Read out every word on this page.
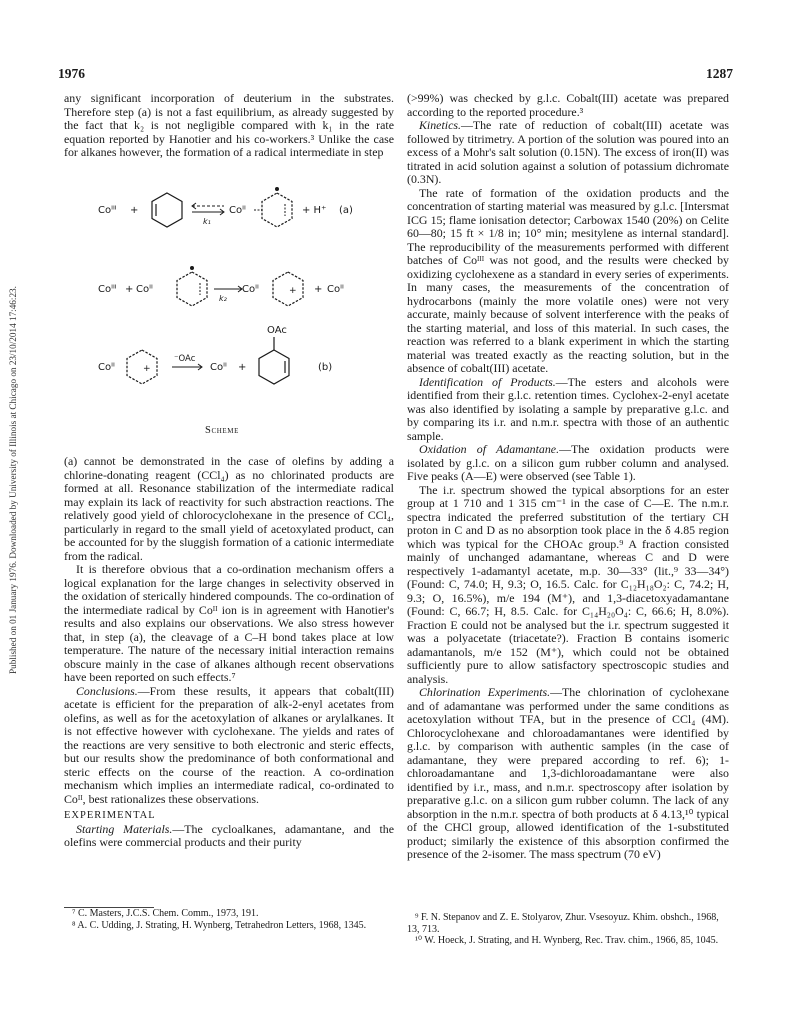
1976	1287
Published on 01 January 1976. Downloaded by University of Illinois at Chicago on 23/10/2014 17:46:23.

any significant incorporation of deuterium in the substrates. Therefore step (a) is not a fast equilibrium, as already suggested by the fact that k₂ is not negligible compared with k₁ in the rate equation reported by Hanotier and his co-workers.³ Unlike the case for alkanes however, the formation of a radical intermediate in step

Coᴵᴵᴵ +
k₁
Coᴵᴵ	+ H⁺ (a)
Coᴵᴵᴵ + Coᴵᴵ
k₂
Coᴵᴵ	+ + Coᴵᴵ
Coᴵᴵ	+
⁻OAc
Coᴵᴵ +
OAc
(b)
Scheme

(a) cannot be demonstrated in the case of olefins by adding a chlorine-donating reagent (CCl₄) as no chlorinated products are formed at all. Resonance stabilization of the intermediate radical may explain its lack of reactivity for such abstraction reactions. The relatively good yield of chlorocyclohexane in the presence of CCl₄, particularly in regard to the small yield of acetoxylated product, can be accounted for by the sluggish formation of a cationic intermediate from the radical.

It is therefore obvious that a co-ordination mechanism offers a logical explanation for the large changes in selectivity observed in the oxidation of sterically hindered compounds. The co-ordination of the intermediate radical by Coᴵᴵ ion is in agreement with Hanotier's results and also explains our observations. We also stress however that, in step (a), the cleavage of a C–H bond takes place at low temperature. The nature of the necessary initial interaction remains obscure mainly in the case of alkanes although recent observations have been reported on such effects.⁷

Conclusions.—From these results, it appears that cobalt(III) acetate is efficient for the preparation of alk-2-enyl acetates from olefins, as well as for the acetoxylation of alkanes or arylalkanes. It is not effective however with cyclohexane. The yields and rates of the reactions are very sensitive to both electronic and steric effects, but our results show the predominance of both conformational and steric effects on the course of the reaction. A co-ordination mechanism which implies an intermediate radical, co-ordinated to Coᴵᴵ, best rationalizes these observations.

EXPERIMENTAL

Starting Materials.—The cycloalkanes, adamantane, and the olefins were commercial products and their purity

⁷ C. Masters, J.C.S. Chem. Comm., 1973, 191.

⁸ A. C. Udding, J. Strating, H. Wynberg, Tetrahedron Letters, 1968, 1345.

(>99%) was checked by g.l.c. Cobalt(III) acetate was prepared according to the reported procedure.³

Kinetics.—The rate of reduction of cobalt(III) acetate was followed by titrimetry. A portion of the solution was poured into an excess of a Mohr's salt solution (0.15N). The excess of iron(II) was titrated in acid solution against a solution of potassium dichromate (0.3N).

The rate of formation of the oxidation products and the concentration of starting material was measured by g.l.c. [Intersmat ICG 15; flame ionisation detector; Carbowax 1540 (20%) on Celite 60—80; 15 ft × 1/8 in; 10° min; mesitylene as internal standard]. The reproducibility of the measurements performed with different batches of Coᴵᴵᴵ was not good, and the results were checked by oxidizing cyclohexene as a standard in every series of experiments. In many cases, the measurements of the concentration of hydrocarbons (mainly the more volatile ones) were not very accurate, mainly because of solvent interference with the peaks of the starting material, and loss of this material. In such cases, the reaction was referred to a blank experiment in which the starting material was treated exactly as the reacting solution, but in the absence of cobalt(III) acetate.

Identification of Products.—The esters and alcohols were identified from their g.l.c. retention times. Cyclohex-2-enyl acetate was also identified by isolating a sample by preparative g.l.c. and by comparing its i.r. and n.m.r. spectra with those of an authentic sample.

Oxidation of Adamantane.—The oxidation products were isolated by g.l.c. on a silicon gum rubber column and analysed. Five peaks (A—E) were observed (see Table 1).

The i.r. spectrum showed the typical absorptions for an ester group at 1 710 and 1 315 cm⁻¹ in the case of C—E. The n.m.r. spectra indicated the preferred substitution of the tertiary CH proton in C and D as no absorption took place in the δ 4.85 region which was typical for the CHOAc group.⁹ A fraction consisted mainly of unchanged adamantane, whereas C and D were respectively 1-adamantyl acetate, m.p. 30—33° (lit.,⁹ 33—34°) (Found: C, 74.0; H, 9.3; O, 16.5. Calc. for C₁₂H₁₈O₂: C, 74.2; H, 9.3; O, 16.5%), m/e 194 (M⁺), and 1,3-diacetoxyadamantane (Found: C, 66.7; H, 8.5. Calc. for C₁₄H₂₀O₄: C, 66.6; H, 8.0%). Fraction E could not be analysed but the i.r. spectrum suggested it was a polyacetate (triacetate?). Fraction B contains isomeric adamantanols, m/e 152 (M⁺), which could not be obtained sufficiently pure to allow satisfactory spectroscopic studies and analysis.

Chlorination Experiments.—The chlorination of cyclohexane and of adamantane was performed under the same conditions as acetoxylation without TFA, but in the presence of CCl₄ (4M). Chlorocyclohexane and chloroadamantanes were identified by g.l.c. by comparison with authentic samples (in the case of adamantane, they were prepared according to ref. 6); 1-chloroadamantane and 1,3-dichloroadamantane were also identified by i.r., mass, and n.m.r. spectroscopy after isolation by preparative g.l.c. on a silicon gum rubber column. The lack of any absorption in the n.m.r. spectra of both products at δ 4.13,¹⁰ typical of the CHCl group, allowed identification of the 1-substituted product; similarly the existence of this absorption confirmed the presence of the 2-isomer. The mass spectrum (70 eV)

⁹ F. N. Stepanov and Z. E. Stolyarov, Zhur. Vsesoyuz. Khim. obshch., 1968, 13, 713.

¹⁰ W. Hoeck, J. Strating, and H. Wynberg, Rec. Trav. chim., 1966, 85, 1045.
